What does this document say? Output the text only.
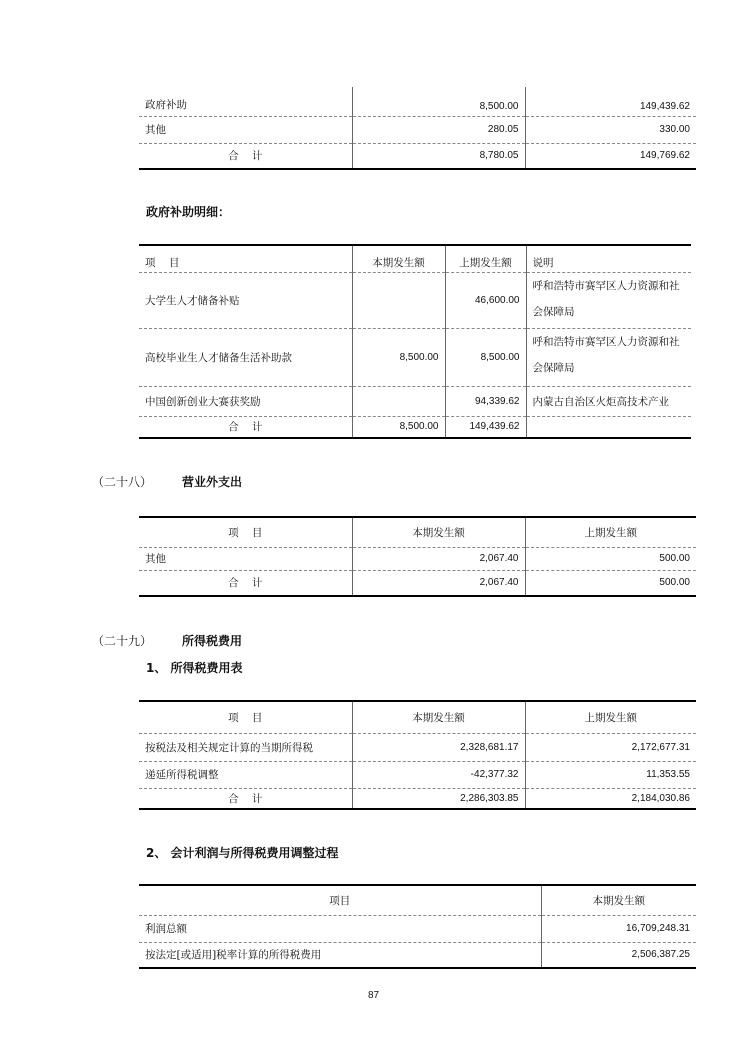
政府补助	8,500.00	149,439.62
其他	280.05	330.00
合    计	8,780.05	149,769.62
政府补助明细：
项    目	本期发生额	上期发生额	说明
大学生人才储备补贴		46,600.00	呼和浩特市赛罕区人力资源和社会保障局
高校毕业生人才储备生活补助款	8,500.00	8,500.00	呼和浩特市赛罕区人力资源和社会保障局
中国创新创业大赛获奖励		94,339.62	内蒙古自治区火炬高技术产业
合    计	8,500.00	149,439.62	
（二十八） 营业外支出
项    目	本期发生额	上期发生额
其他	2,067.40	500.00
合    计	2,067.40	500.00
（二十九） 所得税费用
1、 所得税费用表
项    目	本期发生额	上期发生额
按税法及相关规定计算的当期所得税	2,328,681.17	2,172,677.31
递延所得税调整	-42,377.32	11,353.55
合    计	2,286,303.85	2,184,030.86
2、 会计利润与所得税费用调整过程
项目	本期发生额
利润总额	16,709,248.31
按法定[或适用]税率计算的所得税费用	2,506,387.25
87
